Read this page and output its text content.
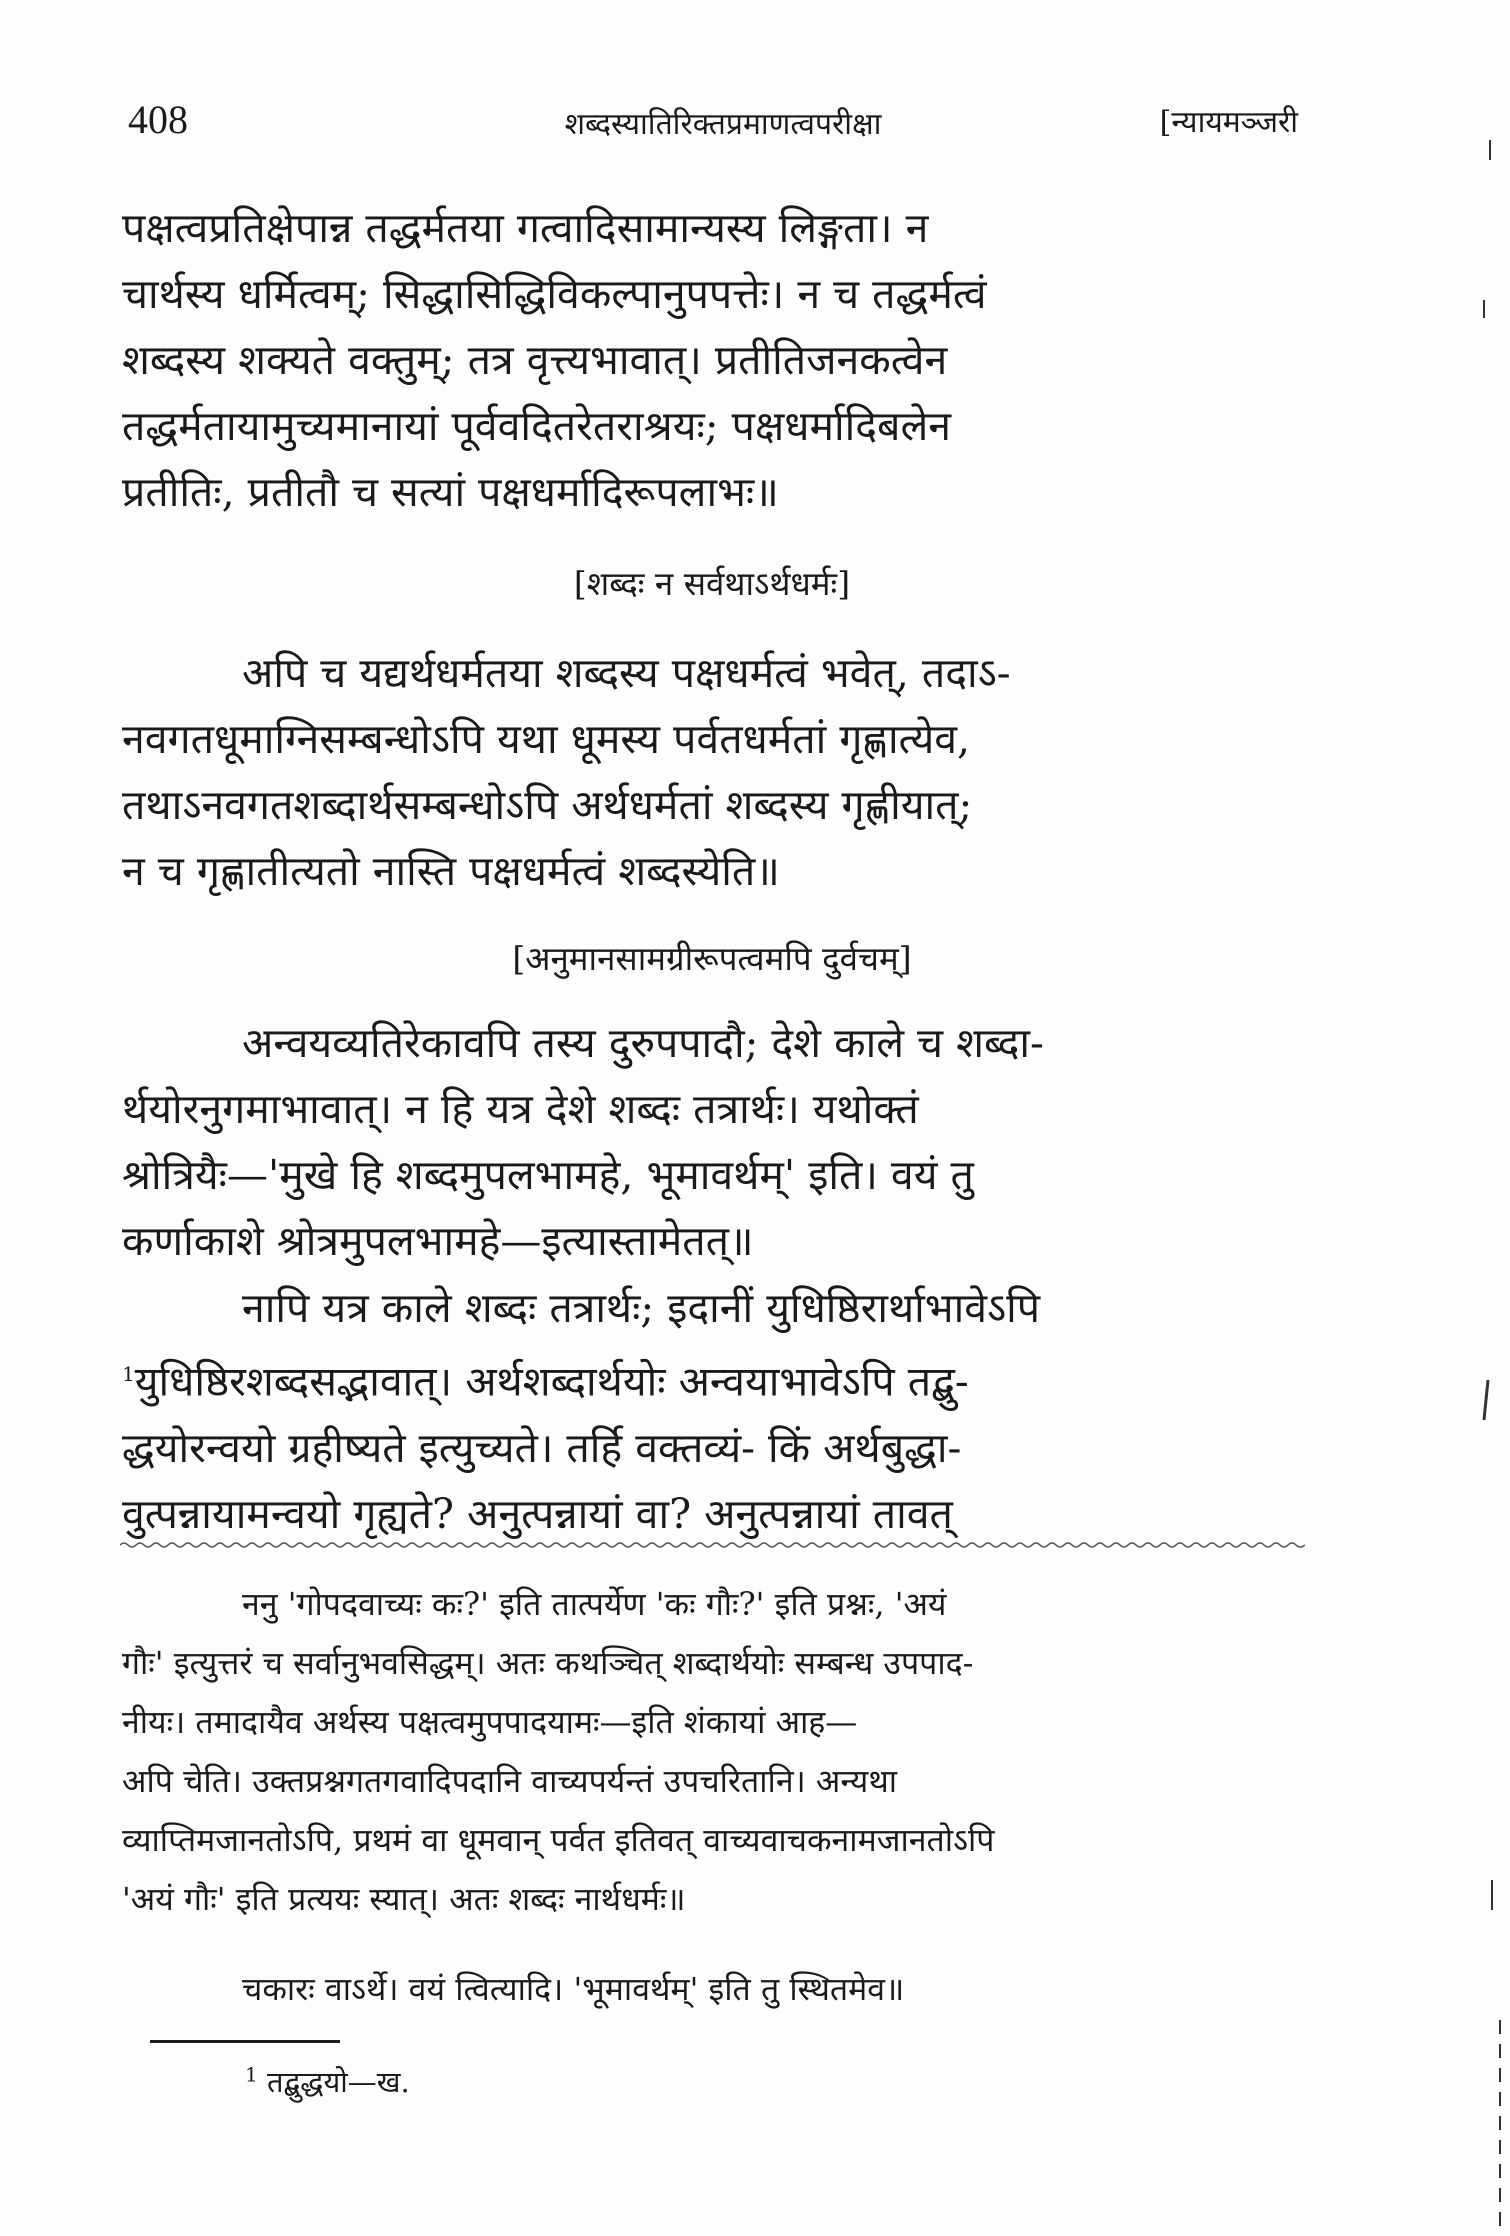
408	शब्दस्यातिरिक्तप्रमाणत्वपरीक्षा	[न्यायमञ्जरी
पक्षत्वप्रतिक्षेपान्न तद्धर्मतया गत्वादिसामान्यस्य लिङ्गता। न
चार्थस्य धर्मित्वम्; सिद्धासिद्धिविकल्पानुपपत्तेः। न च तद्धर्मत्वं
शब्दस्य शक्यते वक्तुम्; तत्र वृत्त्यभावात्। प्रतीतिजनकत्वेन
तद्धर्मतायामुच्यमानायां पूर्ववदितरेतराश्रयः; पक्षधर्मादिबलेन
प्रतीतिः, प्रतीतौ च सत्यां पक्षधर्मादिरूपलाभः॥
[शब्दः न सर्वथाऽर्थधर्मः]
अपि च यद्यर्थधर्मतया शब्दस्य पक्षधर्मत्वं भवेत्, तदाऽ-
नवगतधूमाग्निसम्बन्धोऽपि यथा धूमस्य पर्वतधर्मतां गृह्णात्येव,
तथाऽनवगतशब्दार्थसम्बन्धोऽपि अर्थधर्मतां शब्दस्य गृह्णीयात्;
न च गृह्णातीत्यतो नास्ति पक्षधर्मत्वं शब्दस्येति॥
[अनुमानसामग्रीरूपत्वमपि दुर्वचम्]
अन्वयव्यतिरेकावपि तस्य दुरुपपादौ; देशे काले च शब्दा-
र्थयोरनुगमाभावात्। न हि यत्र देशे शब्दः तत्रार्थः। यथोक्तं
श्रोत्रियैः—'मुखे हि शब्दमुपलभामहे, भूमावर्थम्' इति। वयं तु
कर्णाकाशे श्रोत्रमुपलभामहे—इत्यास्तामेतत्॥
नापि यत्र काले शब्दः तत्रार्थः; इदानीं युधिष्ठिरार्थाभावेऽपि
$^1$युधिष्ठिरशब्दसद्भावात्। अर्थशब्दार्थयोः अन्वयाभावेऽपि तद्बु-
द्धयोरन्वयो ग्रहीष्यते इत्युच्यते। तर्हि वक्तव्यं- किं अर्थबुद्धा-
वुत्पन्नायामन्वयो गृह्यते? अनुत्पन्नायां वा? अनुत्पन्नायां तावत्
ननु 'गोपदवाच्यः कः?' इति तात्पर्येण 'कः गौः?' इति प्रश्नः, 'अयं
गौः' इत्युत्तरं च सर्वानुभवसिद्धम्। अतः कथञ्चित् शब्दार्थयोः सम्बन्ध उपपाद-
नीयः। तमादायैव अर्थस्य पक्षत्वमुपपादयामः—इति शंकायां आह—
अपि चेति। उक्तप्रश्नगतगवादिपदानि वाच्यपर्यन्तं उपचरितानि। अन्यथा
व्याप्तिमजानतोऽपि, प्रथमं वा धूमवान् पर्वत इतिवत् वाच्यवाचकनामजानतोऽपि
'अयं गौः' इति प्रत्ययः स्यात्। अतः शब्दः नार्थधर्मः॥
चकारः वाऽर्थे। वयं त्वित्यादि। 'भूमावर्थम्' इति तु स्थितमेव॥
$^1$ तद्बुद्धयो—ख.
